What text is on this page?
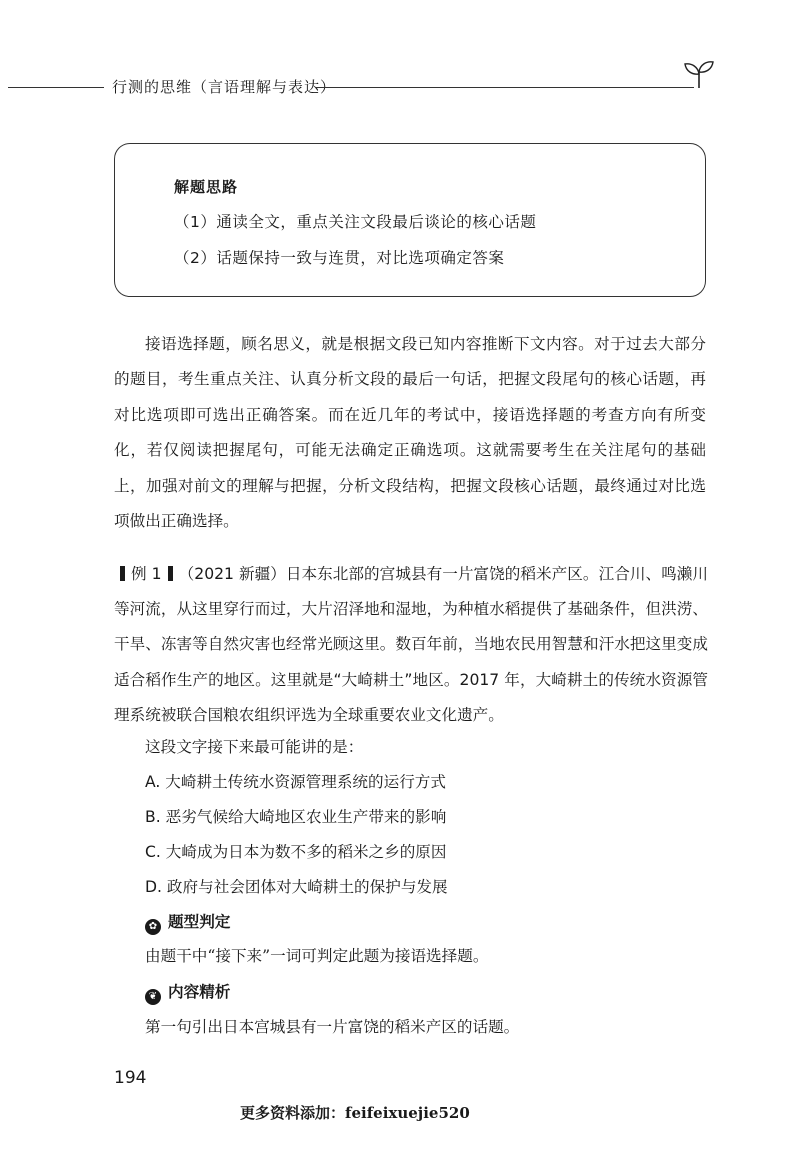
行测的思维（言语理解与表达）
解题思路
（1）通读全文，重点关注文段最后谈论的核心话题
（2）话题保持一致与连贯，对比选项确定答案

接语选择题，顾名思义，就是根据文段已知内容推断下文内容。对于过去大部分的题目，考生重点关注、认真分析文段的最后一句话，把握文段尾句的核心话题，再对比选项即可选出正确答案。而在近几年的考试中，接语选择题的考查方向有所变化，若仅阅读把握尾句，可能无法确定正确选项。这就需要考生在关注尾句的基础上，加强对前文的理解与把握，分析文段结构，把握文段核心话题，最终通过对比选项做出正确选择。

例 1 （2021 新疆）日本东北部的宫城县有一片富饶的稻米产区。江合川、鸣濑川等河流，从这里穿行而过，大片沼泽地和湿地，为种植水稻提供了基础条件，但洪涝、干旱、冻害等自然灾害也经常光顾这里。数百年前，当地农民用智慧和汗水把这里变成适合稻作生产的地区。这里就是“大崎耕土”地区。2017 年，大崎耕土的传统水资源管理系统被联合国粮农组织评选为全球重要农业文化遗产。

这段文字接下来最可能讲的是：
A. 大崎耕土传统水资源管理系统的运行方式
B. 恶劣气候给大崎地区农业生产带来的影响
C. 大崎成为日本为数不多的稻米之乡的原因
D. 政府与社会团体对大崎耕土的保护与发展
✿ 题型判定
由题干中“接下来”一词可判定此题为接语选择题。
❦ 内容精析
第一句引出日本宫城县有一片富饶的稻米产区的话题。
194
更多资料添加：feifeixuejie520
